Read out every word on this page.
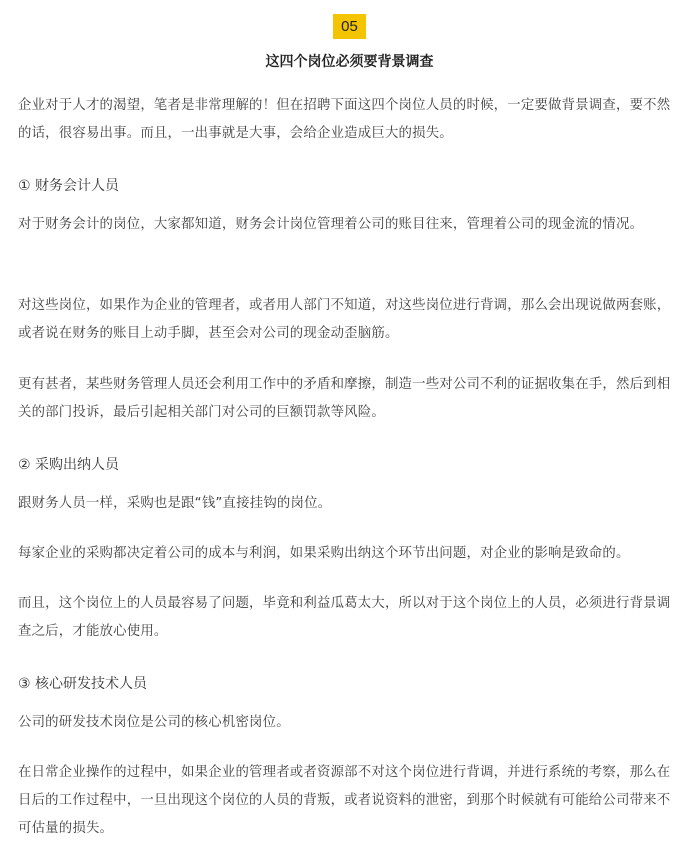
05
这四个岗位必须要背景调查

企业对于人才的渴望，笔者是非常理解的！但在招聘下面这四个岗位人员的时候，一定要做背景调查，要不然的话，很容易出事。而且，一出事就是大事，会给企业造成巨大的损失。

① 财务会计人员

对于财务会计的岗位，大家都知道，财务会计岗位管理着公司的账目往来，管理着公司的现金流的情况。

对这些岗位，如果作为企业的管理者，或者用人部门不知道，对这些岗位进行背调，那么会出现说做两套账，或者说在财务的账目上动手脚，甚至会对公司的现金动歪脑筋。

更有甚者，某些财务管理人员还会利用工作中的矛盾和摩擦，制造一些对公司不利的证据收集在手，然后到相关的部门投诉，最后引起相关部门对公司的巨额罚款等风险。

② 采购出纳人员

跟财务人员一样，采购也是跟“钱”直接挂钩的岗位。

每家企业的采购都决定着公司的成本与利润，如果采购出纳这个环节出问题，对企业的影响是致命的。

而且，这个岗位上的人员最容易了问题，毕竟和利益瓜葛太大，所以对于这个岗位上的人员，必须进行背景调查之后，才能放心使用。

③ 核心研发技术人员

公司的研发技术岗位是公司的核心机密岗位。

在日常企业操作的过程中，如果企业的管理者或者资源部不对这个岗位进行背调，并进行系统的考察，那么在日后的工作过程中，一旦出现这个岗位的人员的背叛，或者说资料的泄密，到那个时候就有可能给公司带来不可估量的损失。
